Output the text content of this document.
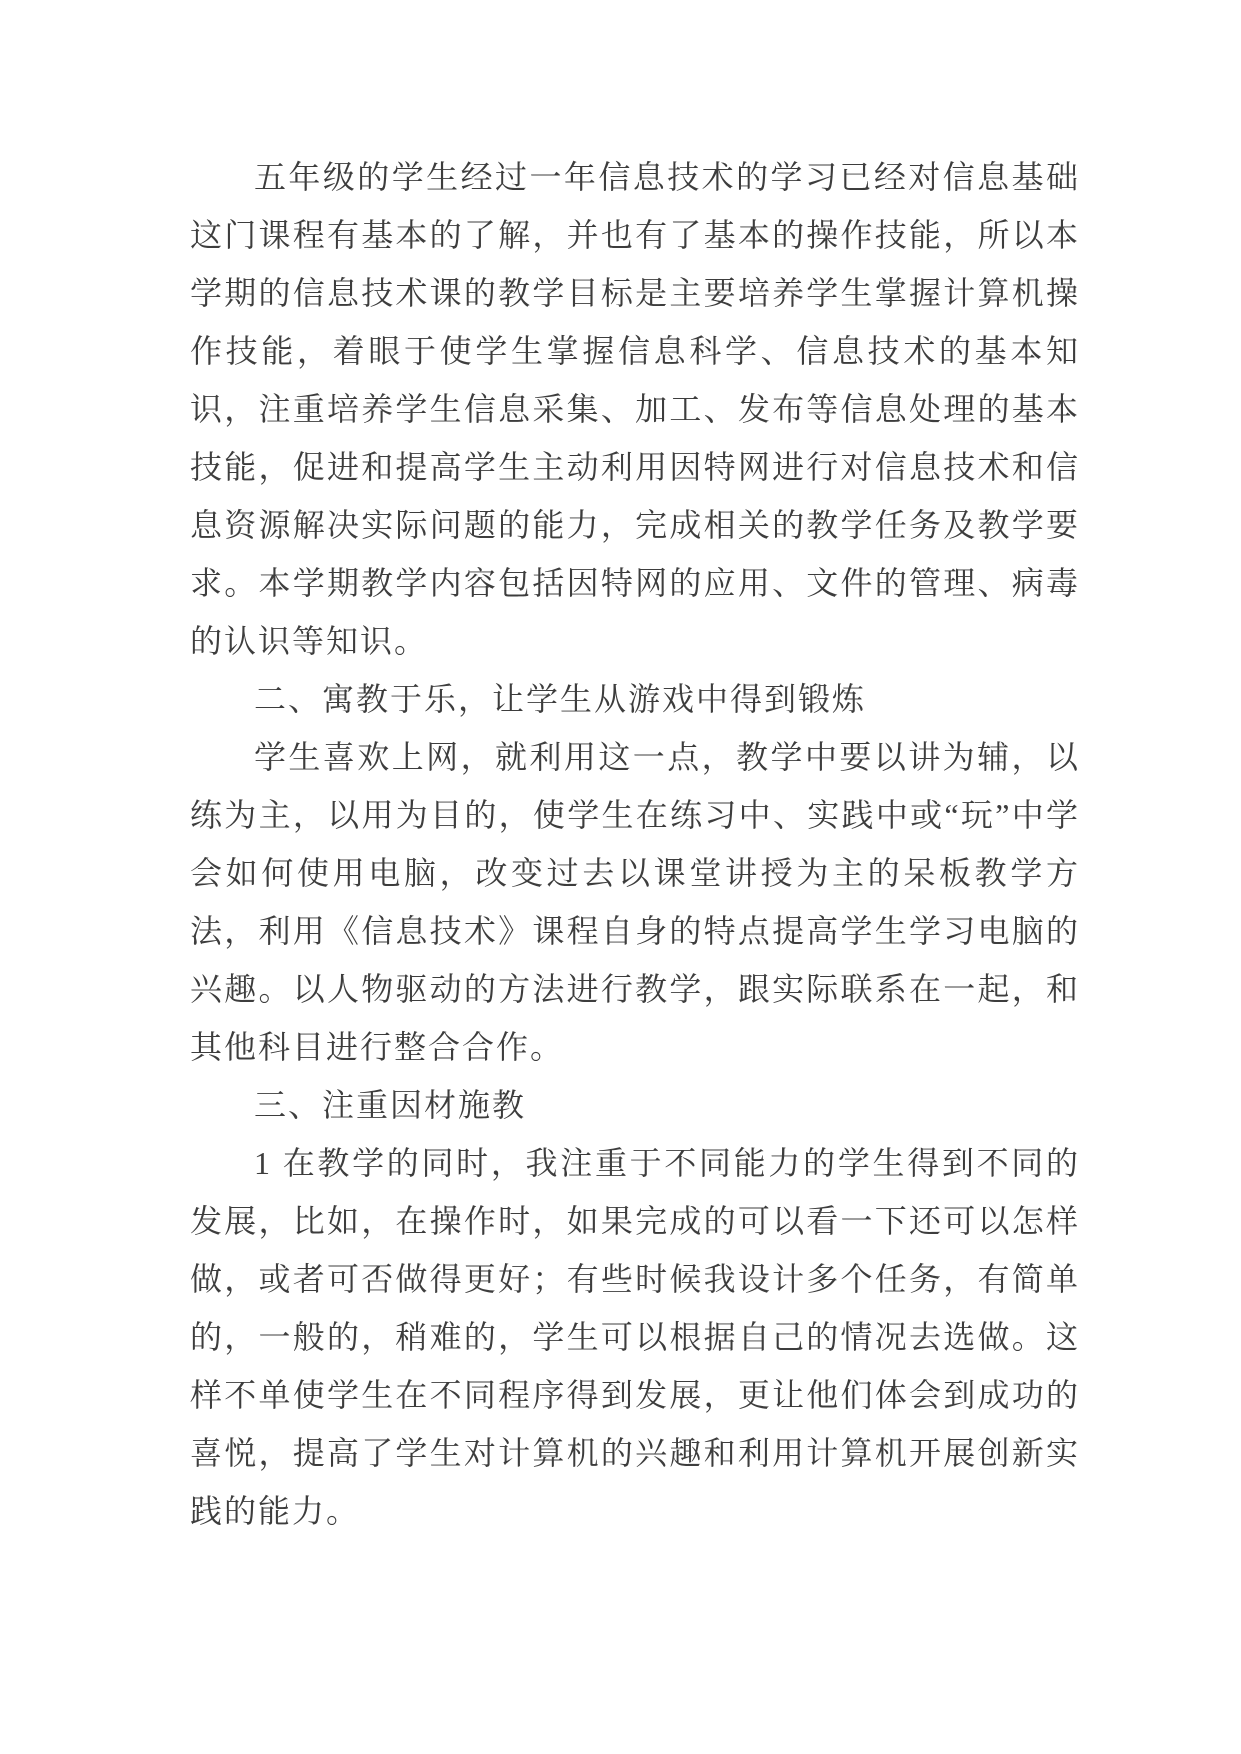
五年级的学生经过一年信息技术的学习已经对信息基础这门课程有基本的了解，并也有了基本的操作技能，所以本学期的信息技术课的教学目标是主要培养学生掌握计算机操作技能，着眼于使学生掌握信息科学、信息技术的基本知识，注重培养学生信息采集、加工、发布等信息处理的基本技能，促进和提高学生主动利用因特网进行对信息技术和信息资源解决实际问题的能力，完成相关的教学任务及教学要求。本学期教学内容包括因特网的应用、文件的管理、病毒的认识等知识。

二、寓教于乐，让学生从游戏中得到锻炼

学生喜欢上网，就利用这一点，教学中要以讲为辅，以练为主，以用为目的，使学生在练习中、实践中或“玩”中学会如何使用电脑，改变过去以课堂讲授为主的呆板教学方法，利用《信息技术》课程自身的特点提高学生学习电脑的兴趣。以人物驱动的方法进行教学，跟实际联系在一起，和其他科目进行整合合作。

三、注重因材施教

1 在教学的同时，我注重于不同能力的学生得到不同的发展，比如，在操作时，如果完成的可以看一下还可以怎样做，或者可否做得更好；有些时候我设计多个任务，有简单的，一般的，稍难的，学生可以根据自己的情况去选做。这样不单使学生在不同程序得到发展，更让他们体会到成功的喜悦，提高了学生对计算机的兴趣和利用计算机开展创新实践的能力。
